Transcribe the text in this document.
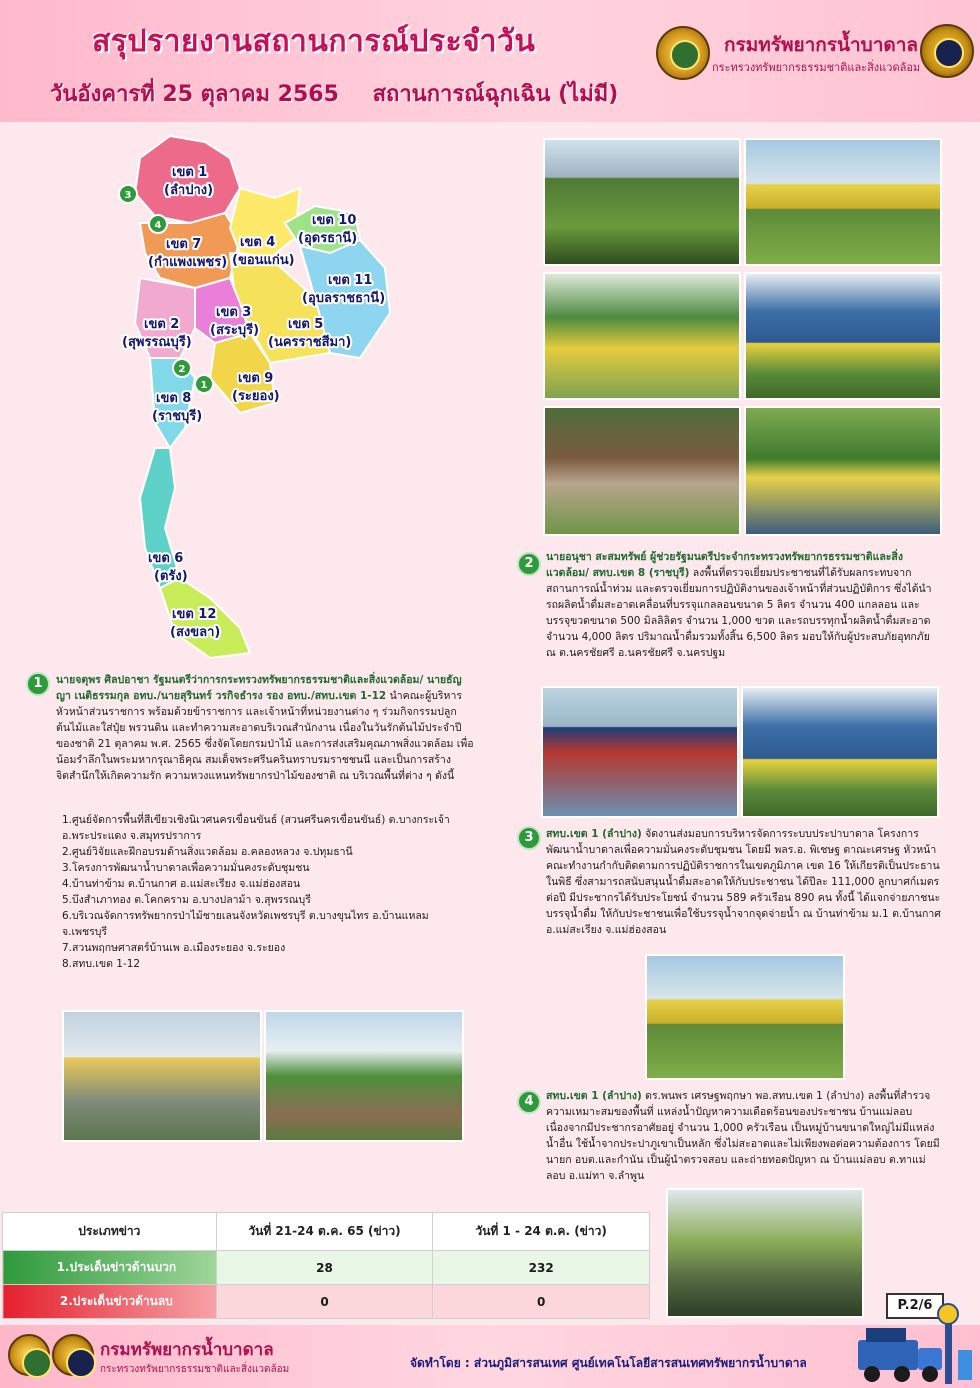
สรุปรายงานสถานการณ์ประจำวัน
วันอังคารที่ 25 ตุลาคม 2565 สถานการณ์ฉุกเฉิน (ไม่มี)
กรมทรัพยากรน้ำบาดาล
กระทรวงทรัพยากรธรรมชาติและสิ่งแวดล้อม
เขต 1
(ลำปาง)
เขต 7
(กำแพงเพชร)
เขต 4
(ขอนแก่น)
เขต 10
(อุดรธานี)
เขต 11
(อุบลราชธานี)
เขต 2
(สุพรรณบุรี)
เขต 3
(สระบุรี) เขต 5
(นครราชสีมา)
เขต 8
(ราชบุรี)
เขต 9
(ระยอง)
เขต 6
(ตรัง)
เขต 12
(สงขลา)
1
2
3
4
2	นายอนุชา สะสมทรัพย์ ผู้ช่วยรัฐมนตรีประจำกระทรวงทรัพยากรธรรมชาติและสิ่งแวดล้อม/ สทบ.เขต 8 (ราชบุรี) ลงพื้นที่ตรวจเยี่ยมประชาชนที่ได้รับผลกระทบจากสถานการณ์น้ำท่วม และตรวจเยี่ยมการปฏิบัติงานของเจ้าหน้าที่ส่วนปฏิบัติการ ซึ่งได้นำรถผลิตน้ำดื่มสะอาดเคลื่อนที่บรรจุแกลลอนขนาด 5 ลิตร จำนวน 400 แกลลอน และบรรจุขวดขนาด 500 มิลลิลิตร จำนวน 1,000 ขวด และรถบรรทุกน้ำผลิตน้ำดื่มสะอาด จำนวน 4,000 ลิตร ปริมาณน้ำดื่มรวมทั้งสิ้น 6,500 ลิตร มอบให้กับผู้ประสบภัยอุทกภัย ณ ต.นครชัยศรี อ.นครชัยศรี จ.นครปฐม
1	นายจตุพร ศิลปอาชา รัฐมนตรีว่าการกระทรวงทรัพยากรธรรมชาติและสิ่งแวดล้อม/ นายธัญญา เนติธรรมกุล อทบ./นายสุรินทร์ วรกิจธำรง รอง อทบ./สทบ.เขต 1-12 นำคณะผู้บริหาร หัวหน้าส่วนราชการ พร้อมด้วยข้าราชการ และเจ้าหน้าที่หน่วยงานต่าง ๆ ร่วมกิจกรรมปลูกต้นไม้และใส่ปุ๋ย พรวนดิน และทำความสะอาดบริเวณสำนักงาน เนื่องในวันรักต้นไม้ประจำปีของชาติ 21 ตุลาคม พ.ศ. 2565 ซึ่งจัดโดยกรมป่าไม้ และการส่งเสริมคุณภาพสิ่งแวดล้อม เพื่อน้อมรำลึกในพระมหากรุณาธิคุณ สมเด็จพระศรีนครินทราบรมราชชนนี และเป็นการสร้างจิตสำนึกให้เกิดความรัก ความหวงแหนทรัพยากรป่าไม้ของชาติ ณ บริเวณพื้นที่ต่าง ๆ ดังนี้
1.ศูนย์จัดการพื้นที่สีเขียวเชิงนิเวศนครเขื่อนขันธ์ (สวนศรีนครเขื่อนขันธ์) ต.บางกระเจ้า อ.พระประแดง จ.สมุทรปราการ
2.ศูนย์วิจัยและฝึกอบรมด้านสิ่งแวดล้อม อ.คลองหลวง จ.ปทุมธานี
3.โครงการพัฒนาน้ำบาดาลเพื่อความมั่นคงระดับชุมชน
4.บ้านท่าข้าม ต.บ้านกาศ อ.แม่สะเรียง จ.แม่ฮ่องสอน
5.บึงสำเภาทอง ต.โคกคราม อ.บางปลาม้า จ.สุพรรณบุรี
6.บริเวณจัดการทรัพยากรป่าไม้ชายเลนจังหวัดเพชรบุรี ต.บางขุนไทร อ.บ้านแหลม จ.เพชรบุรี
7.สวนพฤกษศาสตร์บ้านเพ อ.เมืองระยอง จ.ระยอง
8.สทบ.เขต 1-12
3	สทบ.เขต 1 (ลำปาง) จัดงานส่งมอบการบริหารจัดการระบบประปาบาดาล โครงการพัฒนาน้ำบาดาลเพื่อความมั่นคงระดับชุมชน โดยมี พลร.อ. พิเชษฐ ตาณะเศรษฐ หัวหน้าคณะทำงานกำกับติดตามการปฏิบัติราชการในเขตภูมิภาค เขต 16 ให้เกียรติเป็นประธานในพิธี ซึ่งสามารถสนับสนุนน้ำดื่มสะอาดให้กับประชาชน ได้ปีละ 111,000 ลูกบาศก์เมตรต่อปี มีประชากรได้รับประโยชน์ จำนวน 589 ครัวเรือน 890 คน ทั้งนี้ ได้แจกจ่ายภาชนะบรรจุน้ำดื่ม ให้กับประชาชนเพื่อใช้บรรจุน้ำจากจุดจ่ายน้ำ ณ บ้านท่าข้าม ม.1 ต.บ้านกาศ อ.แม่สะเรียง จ.แม่ฮ่องสอน
4	สทบ.เขต 1 (ลำปาง) ดร.พนพร เศรษฐพฤกษา พอ.สทบ.เขต 1 (ลำปาง) ลงพื้นที่สำรวจความเหมาะสมของพื้นที่ แหล่งน้ำปัญหาความเดือดร้อนของประชาชน บ้านแม่ลอบ เนื่องจากมีประชากรอาศัยอยู่ จำนวน 1,000 ครัวเรือน เป็นหมู่บ้านขนาดใหญ่ไม่มีแหล่งน้ำอื่น ใช้น้ำจากประปาภูเขาเป็นหลัก ซึ่งไม่สะอาดและไม่เพียงพอต่อความต้องการ โดยมี นายก อบต.และกำนัน เป็นผู้นำตรวจสอบ และถ่ายทอดปัญหา ณ บ้านแม่ลอบ ต.ทาแม่ลอบ อ.แม่ทา จ.ลำพูน
ประเภทข่าว	วันที่ 21-24 ต.ค. 65 (ข่าว)	วันที่ 1 - 24 ต.ค. (ข่าว)
1.ประเด็นข่าวด้านบวก	28	232
2.ประเด็นข่าวด้านลบ	0	0	P.2/6
กรมทรัพยากรน้ำบาดาล
กระทรวงทรัพยากรธรรมชาติและสิ่งแวดล้อม	จัดทำโดย : ส่วนภูมิสารสนเทศ ศูนย์เทคโนโลยีสารสนเทศทรัพยากรน้ำบาดาล
